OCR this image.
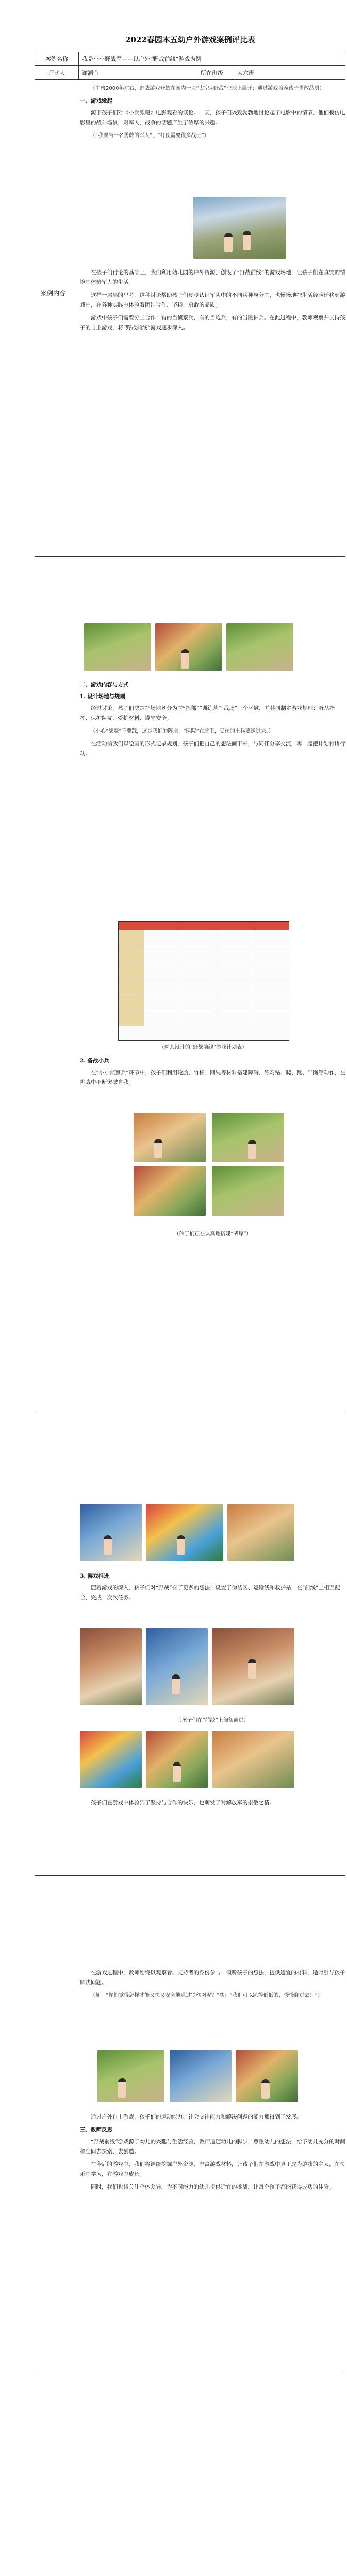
2022春园本五幼户外游戏案例评比表
案例名称	我是小小野战军——以户外“野战前线”游戏为例		
评比人	谢澜莹	所在班级	大六班
案例内容

（中班2000年左右，野战游戏开始在园内一块“太空+野战”空地上展开；通过游戏培养孩子勇敢品质）

一、游戏缘起

源于孩子们对《小兵张嘎》电影观看的谈论。一天，孩子们兴致勃勃地讨论起了电影中的情节，他们模仿电影里的战斗场景，对军人、战争的话题产生了浓厚的兴趣。

（“我要当一名勇敢的军人”，“打仗需要很多战士”）

在孩子们讨论的基础上，我们利用幼儿园的户外资源，创设了“野战前线”的游戏场地，让孩子们在真实的情境中体验军人的生活。

这样一层层的思考，这种讨论帮助孩子们逐步认识军队中的不同兵种与分工，也慢慢地把生活经验迁移到游戏中，在各种实践中体验着团结合作、坚持、勇敢的品质。

游戏中孩子们需要分工合作：有的当侦察兵，有的当炮兵，有的当医护兵。在此过程中，教师观察并支持孩子的自主游戏，将“野战前线”游戏逐步深入。

二、游戏内容与方式

1. 设计场地与规则

经过讨论，孩子们决定把场地划分为“指挥部”“训练营”“战场”三个区域，并共同制定游戏规则：听从指挥、保护队友、爱护材料、遵守安全。

（小心“战壕”不要踩，这是我们的阵地；“医院”在这里，受伤的士兵要送过来。）

在活动前我们以绘画的形式记录规划，孩子们把自己的想法画下来，与同伴分享交流，再一起把计划付诸行动。

（幼儿设计的“野战前线”游戏计划表）

2. 备战小兵

在“小小侦察兵”环节中，孩子们利用轮胎、竹梯、网绳等材料搭建障碍，练习钻、爬、跳、平衡等动作，在挑战中不断突破自我。

（孩子们正在认真地搭建“战壕”）

3. 游戏推进

随着游戏的深入，孩子们对“野战”有了更多的想法：设置了伪装区、运输线和救护站，在“前线”上相互配合，完成一次次任务。

（孩子们在“前线”上匍匐前进）

孩子们在游戏中体验到了坚持与合作的快乐，也萌发了对解放军的崇敬之情。

在游戏过程中，教师始终以观察者、支持者的身份参与：倾听孩子的想法，提供适宜的材料，适时引导孩子解决问题。

（师：“你们觉得怎样才能又快又安全地通过铁丝网呢？”幼：“我们可以趴得低低的，慢慢爬过去！”）

通过户外自主游戏，孩子们的运动能力、社会交往能力和解决问题的能力都得到了发展。

三、教师反思

“野战前线”游戏源于幼儿的兴趣与生活经验，教师追随幼儿的脚步，尊重幼儿的想法，给予幼儿充分的时间和空间去探索、去创造。

在今后的游戏中，我们将继续挖掘户外资源，丰富游戏材料，让孩子们在游戏中真正成为游戏的主人，在快乐中学习，在游戏中成长。

同时，我们也将关注个体差异，为不同能力的幼儿提供适宜的挑战，让每个孩子都能获得成功的体验。
